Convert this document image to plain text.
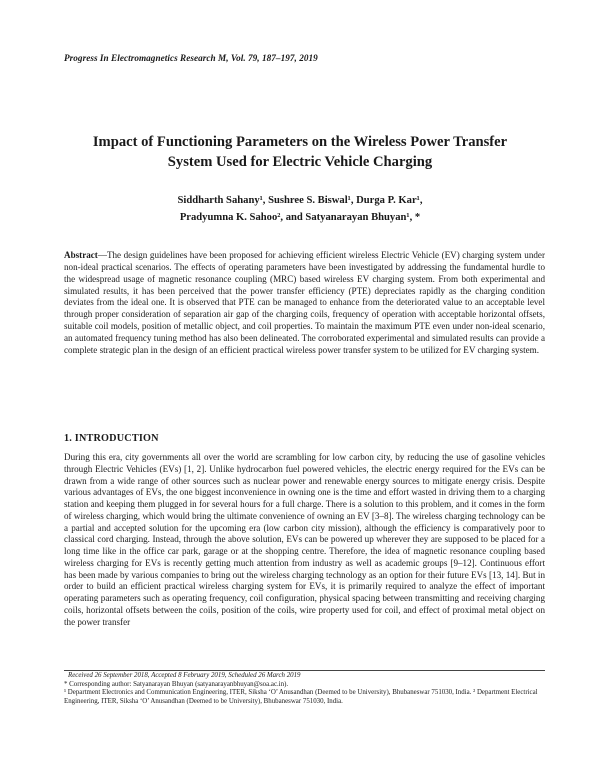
Progress In Electromagnetics Research M, Vol. 79, 187–197, 2019
Impact of Functioning Parameters on the Wireless Power Transfer
System Used for Electric Vehicle Charging
Siddharth Sahany¹, Sushree S. Biswal¹, Durga P. Kar¹,
Pradyumna K. Sahoo², and Satyanarayan Bhuyan¹, *
Abstract—The design guidelines have been proposed for achieving efficient wireless Electric Vehicle (EV) charging system under non-ideal practical scenarios. The effects of operating parameters have been investigated by addressing the fundamental hurdle to the widespread usage of magnetic resonance coupling (MRC) based wireless EV charging system. From both experimental and simulated results, it has been perceived that the power transfer efficiency (PTE) depreciates rapidly as the charging condition deviates from the ideal one. It is observed that PTE can be managed to enhance from the deteriorated value to an acceptable level through proper consideration of separation air gap of the charging coils, frequency of operation with acceptable horizontal offsets, suitable coil models, position of metallic object, and coil properties. To maintain the maximum PTE even under non-ideal scenario, an automated frequency tuning method has also been delineated. The corroborated experimental and simulated results can provide a complete strategic plan in the design of an efficient practical wireless power transfer system to be utilized for EV charging system.
1. INTRODUCTION
During this era, city governments all over the world are scrambling for low carbon city, by reducing the use of gasoline vehicles through Electric Vehicles (EVs) [1, 2]. Unlike hydrocarbon fuel powered vehicles, the electric energy required for the EVs can be drawn from a wide range of other sources such as nuclear power and renewable energy sources to mitigate energy crisis. Despite various advantages of EVs, the one biggest inconvenience in owning one is the time and effort wasted in driving them to a charging station and keeping them plugged in for several hours for a full charge. There is a solution to this problem, and it comes in the form of wireless charging, which would bring the ultimate convenience of owning an EV [3–8]. The wireless charging technology can be a partial and accepted solution for the upcoming era (low carbon city mission), although the efficiency is comparatively poor to classical cord charging. Instead, through the above solution, EVs can be powered up wherever they are supposed to be placed for a long time like in the office car park, garage or at the shopping centre. Therefore, the idea of magnetic resonance coupling based wireless charging for EVs is recently getting much attention from industry as well as academic groups [9–12]. Continuous effort has been made by various companies to bring out the wireless charging technology as an option for their future EVs [13, 14]. But in order to build an efficient practical wireless charging system for EVs, it is primarily required to analyze the effect of important operating parameters such as operating frequency, coil configuration, physical spacing between transmitting and receiving charging coils, horizontal offsets between the coils, position of the coils, wire property used for coil, and effect of proximal metal object on the power transfer
Received 26 September 2018, Accepted 8 February 2019, Scheduled 26 March 2019
* Corresponding author: Satyanarayan Bhuyan (satyanarayanbhuyan@soa.ac.in).
¹ Department Electronics and Communication Engineering, ITER, Siksha ‘O’ Anusandhan (Deemed to be University), Bhubaneswar 751030, India. ² Department Electrical Engineering, ITER, Siksha ‘O’ Anusandhan (Deemed to be University), Bhubaneswar 751030, India.
